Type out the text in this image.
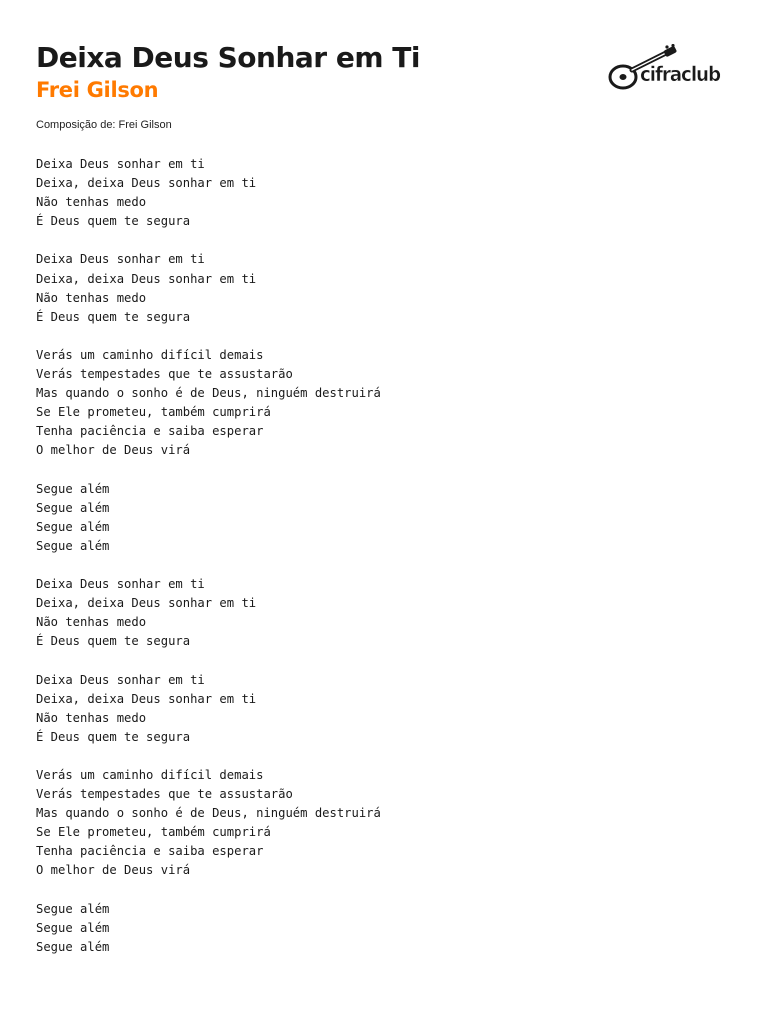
Deixa Deus Sonhar em Ti
Frei Gilson
Composição de: Frei Gilson
cifraclub
Deixa Deus sonhar em ti
Deixa, deixa Deus sonhar em ti
Não tenhas medo
É Deus quem te segura
Deixa Deus sonhar em ti
Deixa, deixa Deus sonhar em ti
Não tenhas medo
É Deus quem te segura
Verás um caminho difícil demais
Verás tempestades que te assustarão
Mas quando o sonho é de Deus, ninguém destruirá
Se Ele prometeu, também cumprirá
Tenha paciência e saiba esperar
O melhor de Deus virá
Segue além
Segue além
Segue além
Segue além
Deixa Deus sonhar em ti
Deixa, deixa Deus sonhar em ti
Não tenhas medo
É Deus quem te segura
Deixa Deus sonhar em ti
Deixa, deixa Deus sonhar em ti
Não tenhas medo
É Deus quem te segura
Verás um caminho difícil demais
Verás tempestades que te assustarão
Mas quando o sonho é de Deus, ninguém destruirá
Se Ele prometeu, também cumprirá
Tenha paciência e saiba esperar
O melhor de Deus virá
Segue além
Segue além
Segue além
